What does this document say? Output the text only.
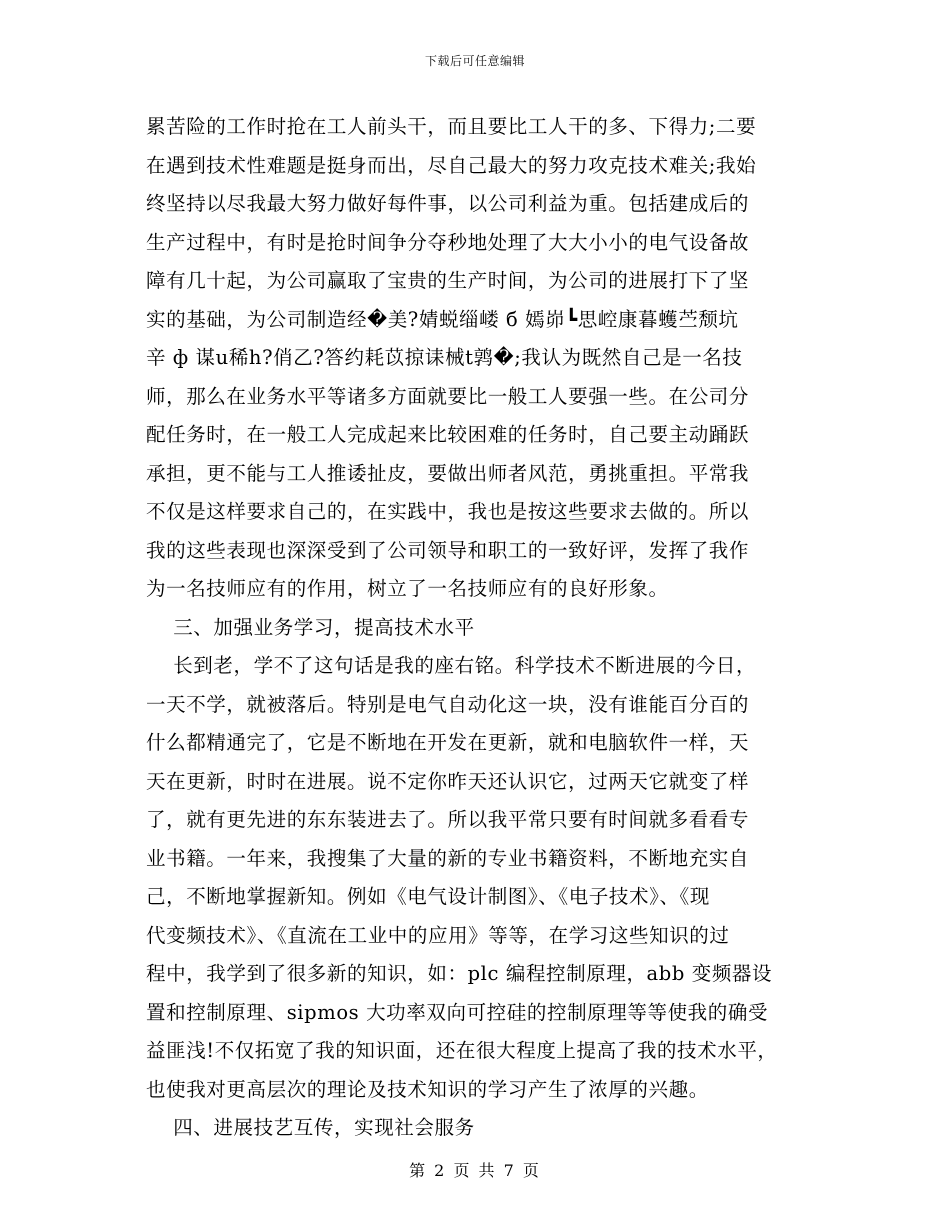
下载后可任意编辑
累苦险的工作时抢在工人前头干，而且要比工人干的多、下得力;二要
在遇到技术性难题是挺身而出，尽自己最大的努力攻克技术难关;我始
终坚持以尽我最大努力做好每件事，以公司利益为重。包括建成后的
生产过程中，有时是抢时间争分夺秒地处理了大大小小的电气设备故
障有几十起，为公司赢取了宝贵的生产时间，为公司的进展打下了坚
实的基础，为公司制造经�美?婧蜕缁嵝 б 嫣峁┗思崆康暮蠖苎颓坑
辛 ф 谋u稀h?俏乙?答约耗苡掠诔械t鹑�;我认为既然自己是一名技
师，那么在业务水平等诸多方面就要比一般工人要强一些。在公司分
配任务时，在一般工人完成起来比较困难的任务时，自己要主动踊跃
承担，更不能与工人推诿扯皮，要做出师者风范，勇挑重担。平常我
不仅是这样要求自己的，在实践中，我也是按这些要求去做的。所以
我的这些表现也深深受到了公司领导和职工的一致好评，发挥了我作
为一名技师应有的作用，树立了一名技师应有的良好形象。
三、加强业务学习，提高技术水平
长到老，学不了这句话是我的座右铭。科学技术不断进展的今日，
一天不学，就被落后。特别是电气自动化这一块，没有谁能百分百的
什么都精通完了，它是不断地在开发在更新，就和电脑软件一样，天
天在更新，时时在进展。说不定你昨天还认识它，过两天它就变了样
了，就有更先进的东东装进去了。所以我平常只要有时间就多看看专
业书籍。一年来，我搜集了大量的新的专业书籍资料，不断地充实自
己，不断地掌握新知。例如《电气设计制图》、《电子技术》、《现
代变频技术》、《直流在工业中的应用》等等，在学习这些知识的过
程中，我学到了很多新的知识，如：plc 编程控制原理，abb 变频器设
置和控制原理、sipmos 大功率双向可控硅的控制原理等等使我的确受
益匪浅!不仅拓宽了我的知识面，还在很大程度上提高了我的技术水平，
也使我对更高层次的理论及技术知识的学习产生了浓厚的兴趣。
四、进展技艺互传，实现社会服务
第 2 页 共 7 页
